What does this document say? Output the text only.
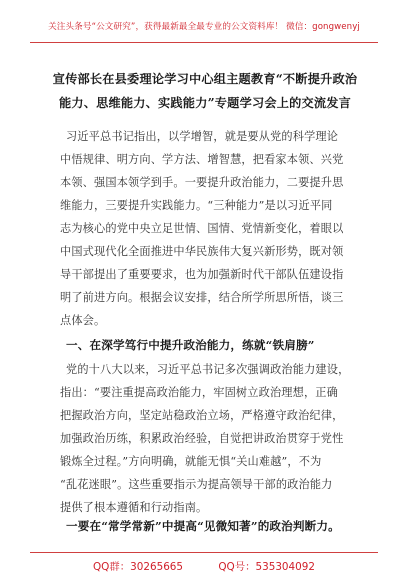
关注头条号“公文研究”，获得最新最全最专业的公文资料库！ 微信：gongwenyj
宣传部长在县委理论学习中心组主题教育“不断提升政治
能力、思维能力、实践能力”专题学习会上的交流发言
习近平总书记指出，以学增智，就是要从党的科学理论
中悟规律、明方向、学方法、增智慧，把看家本领、兴党
本领、强国本领学到手。一要提升政治能力，二要提升思
维能力，三要提升实践能力。“三种能力”是以习近平同
志为核心的党中央立足世情、国情、党情新变化，着眼以
中国式现代化全面推进中华民族伟大复兴新形势，既对领
导干部提出了重要要求，也为加强新时代干部队伍建设指
明了前进方向。根据会议安排，结合所学所思所悟，谈三
点体会。
一、在深学笃行中提升政治能力，练就“铁肩膀”
党的十八大以来，习近平总书记多次强调政治能力建设，
指出：“要注重提高政治能力，牢固树立政治理想，正确
把握政治方向，坚定站稳政治立场，严格遵守政治纪律，
加强政治历练，积累政治经验，自觉把讲政治贯穿于党性
锻炼全过程。”方向明确，就能无惧“关山难越”，不为
“乱花迷眼”。这些重要指示为提高领导干部的政治能力
提供了根本遵循和行动指南。
一要在“常学常新”中提高“见微知著”的政治判断力。
QQ群：30265665	QQ号：535304092
